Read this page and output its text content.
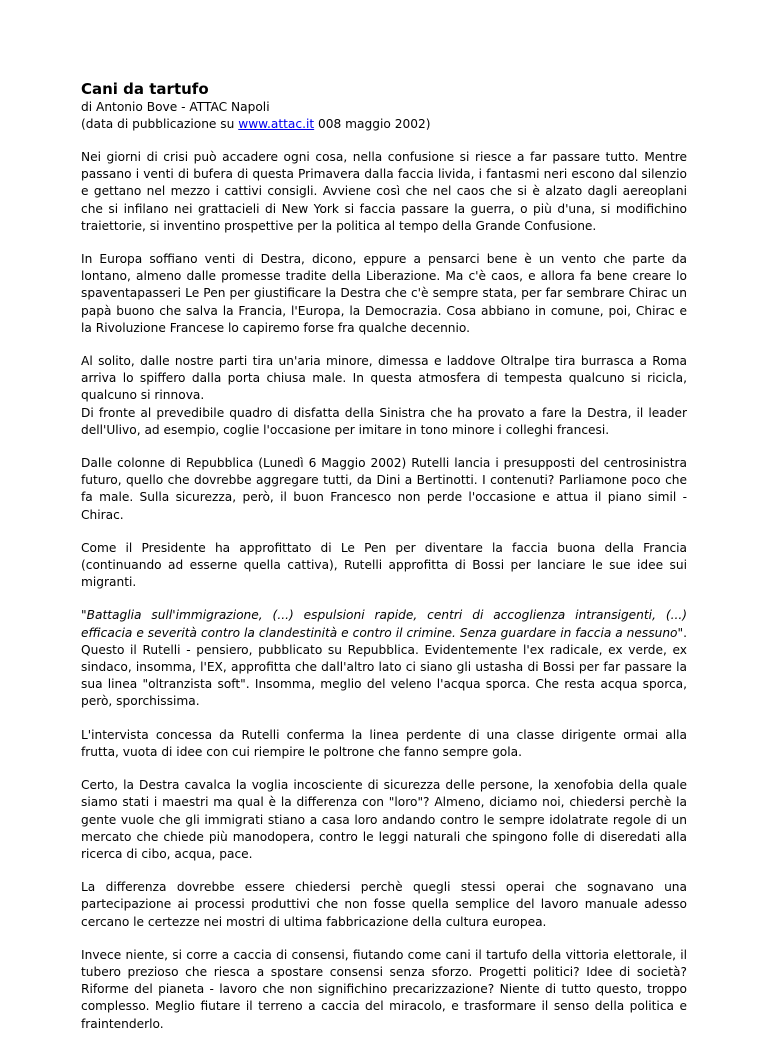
Cani da tartufo

di Antonio Bove - ATTAC Napoli

(data di pubblicazione su www.attac.it 008 maggio 2002)

Nei giorni di crisi può accadere ogni cosa, nella confusione si riesce a far passare tutto. Mentre passano i venti di bufera di questa Primavera dalla faccia livida, i fantasmi neri escono dal silenzio e gettano nel mezzo i cattivi consigli. Avviene così che nel caos che si è alzato dagli aereoplani che si infilano nei grattacieli di New York si faccia passare la guerra, o più d'una, si modifichino traiettorie, si inventino prospettive per la politica al tempo della Grande Confusione.

In Europa soffiano venti di Destra, dicono, eppure a pensarci bene è un vento che parte da lontano, almeno dalle promesse tradite della Liberazione. Ma c'è caos, e allora fa bene creare lo spaventapasseri Le Pen per giustificare la Destra che c'è sempre stata, per far sembrare Chirac un papà buono che salva la Francia, l'Europa, la Democrazia. Cosa abbiano in comune, poi, Chirac e la Rivoluzione Francese lo capiremo forse fra qualche decennio.

Al solito, dalle nostre parti tira un'aria minore, dimessa e laddove Oltralpe tira burrasca a Roma arriva lo spiffero dalla porta chiusa male. In questa atmosfera di tempesta qualcuno si ricicla, qualcuno si rinnova.
Di fronte al prevedibile quadro di disfatta della Sinistra che ha provato a fare la Destra, il leader dell'Ulivo, ad esempio, coglie l'occasione per imitare in tono minore i colleghi francesi.

Dalle colonne di Repubblica (Lunedì 6 Maggio 2002) Rutelli lancia i presupposti del centrosinistra futuro, quello che dovrebbe aggregare tutti, da Dini a Bertinotti. I contenuti? Parliamone poco che fa male. Sulla sicurezza, però, il buon Francesco non perde l'occasione e attua il piano simil - Chirac.

Come il Presidente ha approfittato di Le Pen per diventare la faccia buona della Francia (continuando ad esserne quella cattiva), Rutelli approfitta di Bossi per lanciare le sue idee sui migranti.

"Battaglia sull'immigrazione, (...) espulsioni rapide, centri di accoglienza intransigenti, (...) efficacia e severità contro la clandestinità e contro il crimine. Senza guardare in faccia a nessuno". Questo il Rutelli - pensiero, pubblicato su Repubblica. Evidentemente l'ex radicale, ex verde, ex sindaco, insomma, l'EX, approfitta che dall'altro lato ci siano gli ustasha di Bossi per far passare la sua linea "oltranzista soft". Insomma, meglio del veleno l'acqua sporca. Che resta acqua sporca, però, sporchissima.

L'intervista concessa da Rutelli conferma la linea perdente di una classe dirigente ormai alla frutta, vuota di idee con cui riempire le poltrone che fanno sempre gola.

Certo, la Destra cavalca la voglia incosciente di sicurezza delle persone, la xenofobia della quale siamo stati i maestri ma qual è la differenza con "loro"? Almeno, diciamo noi, chiedersi perchè la gente vuole che gli immigrati stiano a casa loro andando contro le sempre idolatrate regole di un mercato che chiede più manodopera, contro le leggi naturali che spingono folle di diseredati alla ricerca di cibo, acqua, pace.

La differenza dovrebbe essere chiedersi perchè quegli stessi operai che sognavano una partecipazione ai processi produttivi che non fosse quella semplice del lavoro manuale adesso cercano le certezze nei mostri di ultima fabbricazione della cultura europea.

Invece niente, si corre a caccia di consensi, fiutando come cani il tartufo della vittoria elettorale, il tubero prezioso che riesca a spostare consensi senza sforzo. Progetti politici? Idee di società? Riforme del pianeta - lavoro che non significhino precarizzazione? Niente di tutto questo, troppo complesso. Meglio fiutare il terreno a caccia del miracolo, e trasformare il senso della politica e fraintenderlo.
